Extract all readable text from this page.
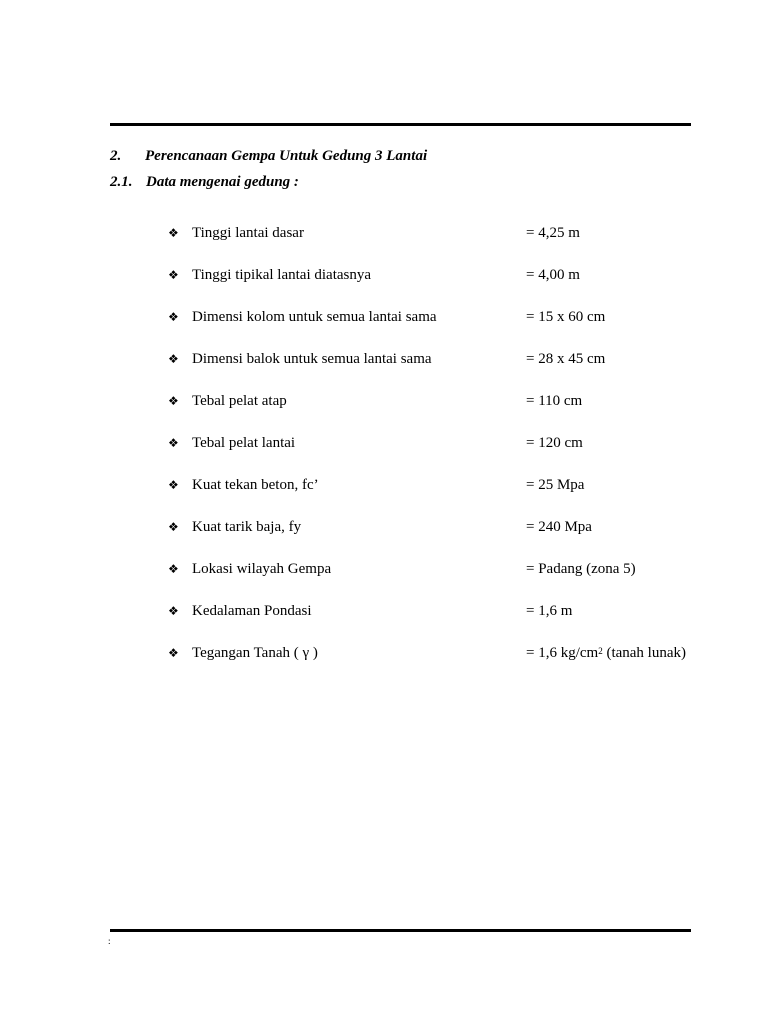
2. Perencanaan Gempa Untuk Gedung 3 Lantai
2.1. Data mengenai gedung :
❖ Tinggi lantai dasar	= 4,25 m
❖ Tinggi tipikal lantai diatasnya	= 4,00 m
❖ Dimensi kolom untuk semua lantai sama	= 15 x 60 cm
❖ Dimensi balok untuk semua lantai sama	= 28 x 45 cm
❖ Tebal pelat atap	= 110 cm
❖ Tebal pelat lantai	= 120 cm
❖ Kuat tekan beton, fc’	= 25 Mpa
❖ Kuat tarik baja, fy	= 240 Mpa
❖ Lokasi wilayah Gempa	= Padang (zona 5)
❖ Kedalaman Pondasi	= 1,6 m
❖ Tegangan Tanah ( γ )	= 1,6 $kg/cm^2$ (tanah lunak)
:
